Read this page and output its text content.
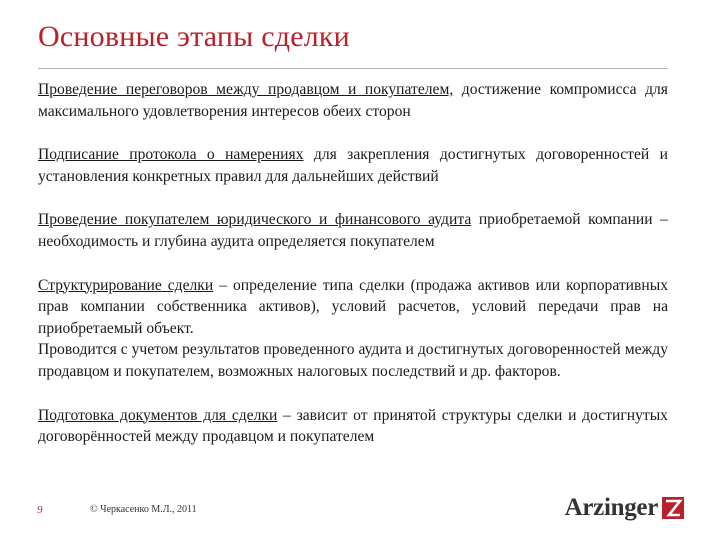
Основные этапы сделки

Проведение переговоров между продавцом и покупателем, достижение компромисса для максимального удовлетворения интересов обеих сторон

Подписание протокола о намерениях для закрепления достигнутых договоренностей и установления конкретных правил для дальнейших действий

Проведение покупателем юридического и финансового аудита приобретаемой компании – необходимость и глубина аудита определяется покупателем

Структурирование сделки – определение типа сделки (продажа активов или корпоративных прав компании собственника активов), условий расчетов, условий передачи прав на приобретаемый объект.

Проводится с учетом результатов проведенного аудита и достигнутых договоренностей между продавцом и покупателем, возможных налоговых последствий и др. факторов.

Подготовка документов для сделки – зависит от принятой структуры сделки и достигнутых договорённостей между продавцом и покупателем

9	© Черкасенко М.Л., 2011	Arzinger
